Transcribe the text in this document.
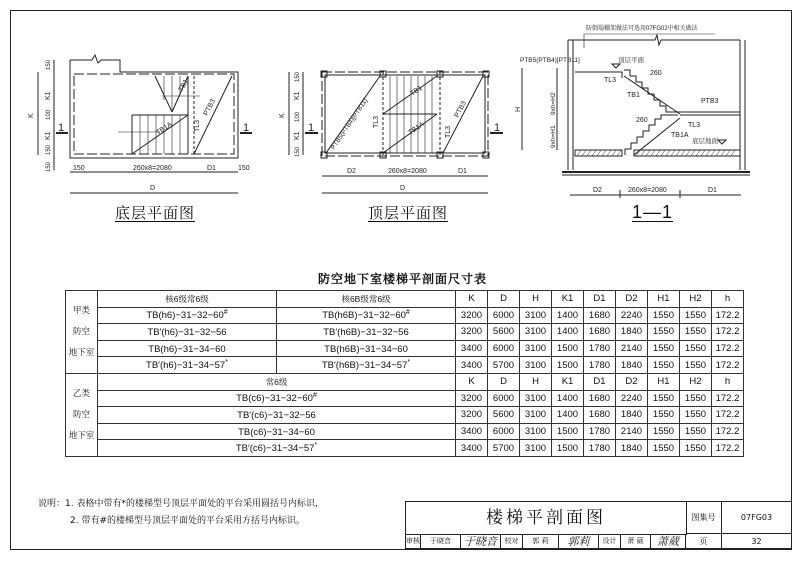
TB1
TB1A
PTB3
TL3
1	1
K
K1
K1
150
100
150
150	150	260x8=2080	D1	150
D
底层平面图
PTB5(PTB4)[PTB11]
TB1
TB1A
PTB3
TL3
TL3
1	1
K
K1
K1
150
100
150
D2	260x8=2080	D1
D
顶层平面图
防倒塌棚架做法可选用07FG02中相关做法
PTB5(PTB4)[PTB11]	顶层平面
TL3
260
TB1
PTB3
260
TL3
TB1A
底层地面
9xh=H2
9xh=H1
H
D2	260x8=2080	D1
1—1
防空地下室楼梯平剖面尺寸表
甲类
防空
地下室	核6级常6级	核6B级常6级	K	D	H	K1	D1	D2	H1	H2	h
	TB(h6)−31−32−60#	TB(h6B)−31−32−60#	3200	6000	3100	1400	1680	2240	1550	1550	172.2
	TB′(h6)−31−32−56	TB′(h6B)−31−32−56	3200	5600	3100	1400	1680	1840	1550	1550	172.2
	TB(h6)−31−34−60	TB(h6B)−31−34−60	3400	6000	3100	1500	1780	2140	1550	1550	172.2
	TB′(h6)−31−34−57*	TB′(h6B)−31−34−57*	3400	5700	3100	1500	1780	1840	1550	1550	172.2

乙类
防空
地下室	常6级		K	D	H	K1	D1	D2	H1	H2	h
	TB(c6)−31−32−60#		3200	6000	3100	1400	1680	2240	1550	1550	172.2
	TB′(c6)−31−32−56		3200	5600	3100	1400	1680	1840	1550	1550	172.2
	TB(c6)−31−34−60		3400	6000	3100	1500	1780	2140	1550	1550	172.2
	TB′(c6)−31−34−57*		3400	5700	3100	1500	1780	1840	1550	1550	172.2
说明：1. 表格中带有*的楼梯型号顶层平面处的平台采用圆括号内标识，
2. 带有#的楼梯型号顶层平面处的平台采用方括号内标识。	楼梯平剖面图	图集号	07FG03
审核	于晓音	于晓音	校对	郭 莉	郭莉	设计	萧 葳	萧葳	页	32
